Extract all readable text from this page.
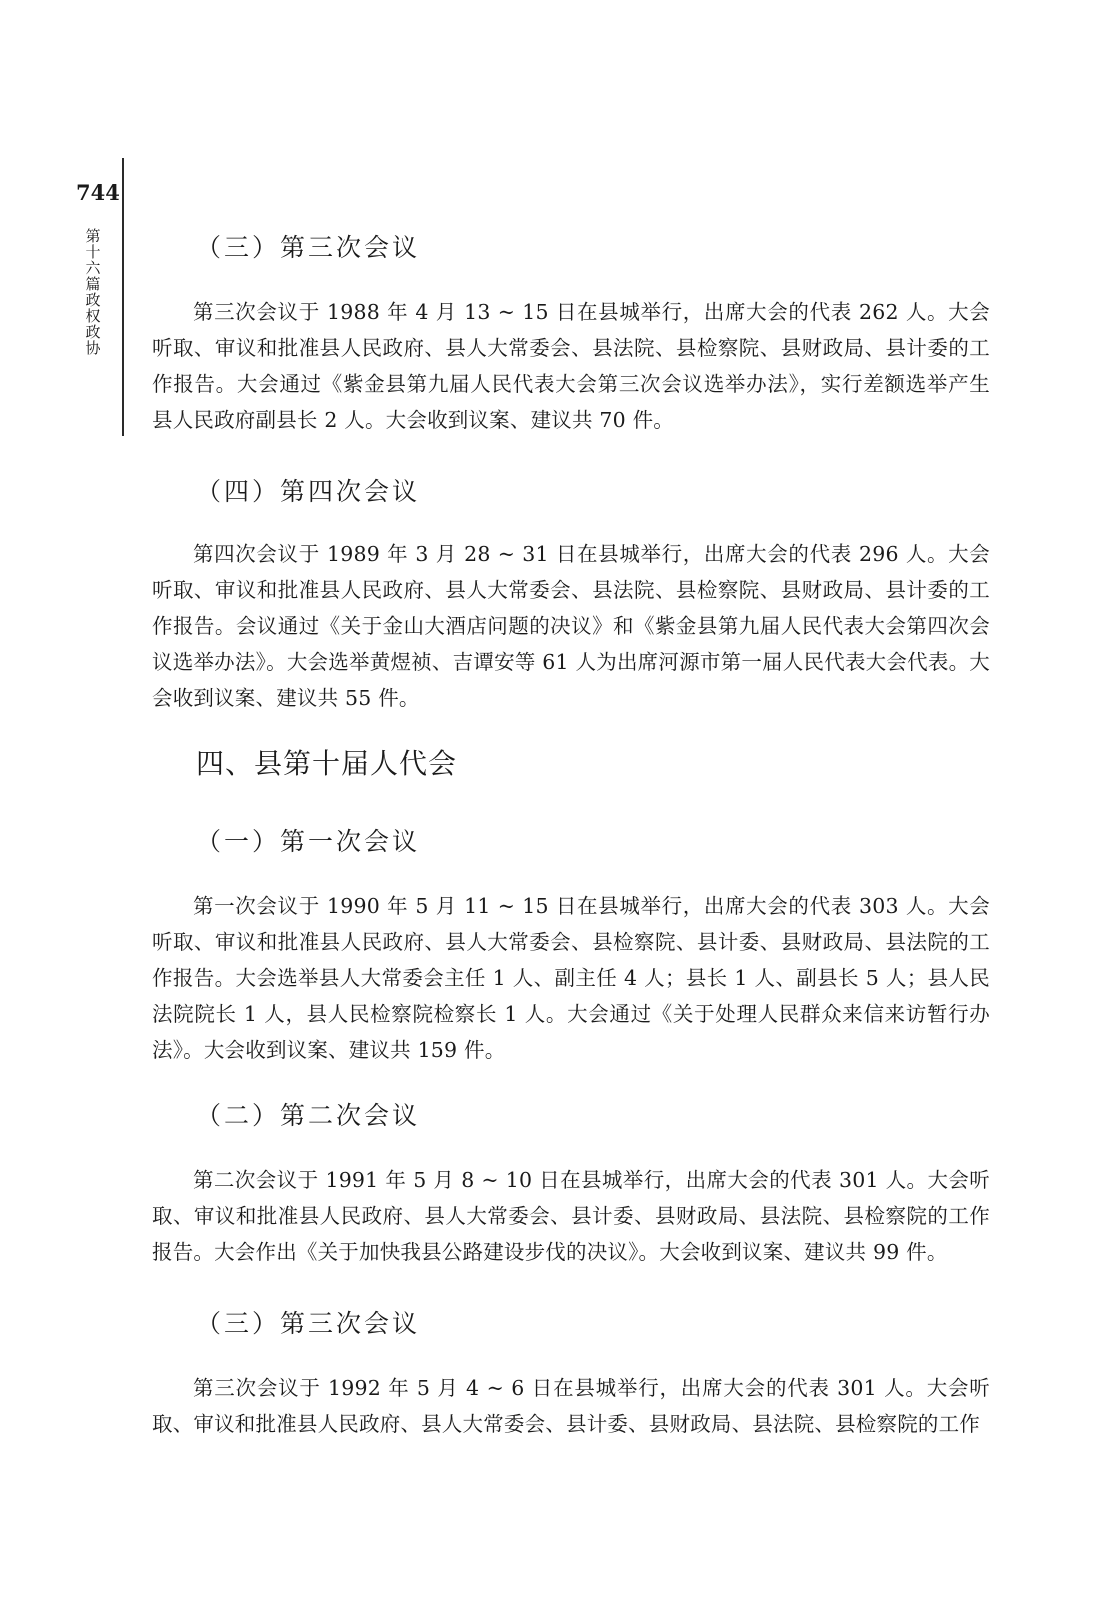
744
第十六篇 政权 政协
（三）第三次会议
第三次会议于 1988 年 4 月 13 ~ 15 日在县城举行，出席大会的代表 262 人。大会听取、审议和批准县人民政府、县人大常委会、县法院、县检察院、县财政局、县计委的工作报告。大会通过《紫金县第九届人民代表大会第三次会议选举办法》，实行差额选举产生县人民政府副县长 2 人。大会收到议案、建议共 70 件。
（四）第四次会议
第四次会议于 1989 年 3 月 28 ~ 31 日在县城举行，出席大会的代表 296 人。大会听取、审议和批准县人民政府、县人大常委会、县法院、县检察院、县财政局、县计委的工作报告。会议通过《关于金山大酒店问题的决议》和《紫金县第九届人民代表大会第四次会议选举办法》。大会选举黄煜祯、吉谭安等 61 人为出席河源市第一届人民代表大会代表。大会收到议案、建议共 55 件。
四、县第十届人代会
（一）第一次会议
第一次会议于 1990 年 5 月 11 ~ 15 日在县城举行，出席大会的代表 303 人。大会听取、审议和批准县人民政府、县人大常委会、县检察院、县计委、县财政局、县法院的工作报告。大会选举县人大常委会主任 1 人、副主任 4 人；县长 1 人、副县长 5 人；县人民法院院长 1 人，县人民检察院检察长 1 人。大会通过《关于处理人民群众来信来访暂行办法》。大会收到议案、建议共 159 件。
（二）第二次会议
第二次会议于 1991 年 5 月 8 ~ 10 日在县城举行，出席大会的代表 301 人。大会听取、审议和批准县人民政府、县人大常委会、县计委、县财政局、县法院、县检察院的工作报告。大会作出《关于加快我县公路建设步伐的决议》。大会收到议案、建议共 99 件。
（三）第三次会议
第三次会议于 1992 年 5 月 4 ~ 6 日在县城举行，出席大会的代表 301 人。大会听取、审议和批准县人民政府、县人大常委会、县计委、县财政局、县法院、县检察院的工作
